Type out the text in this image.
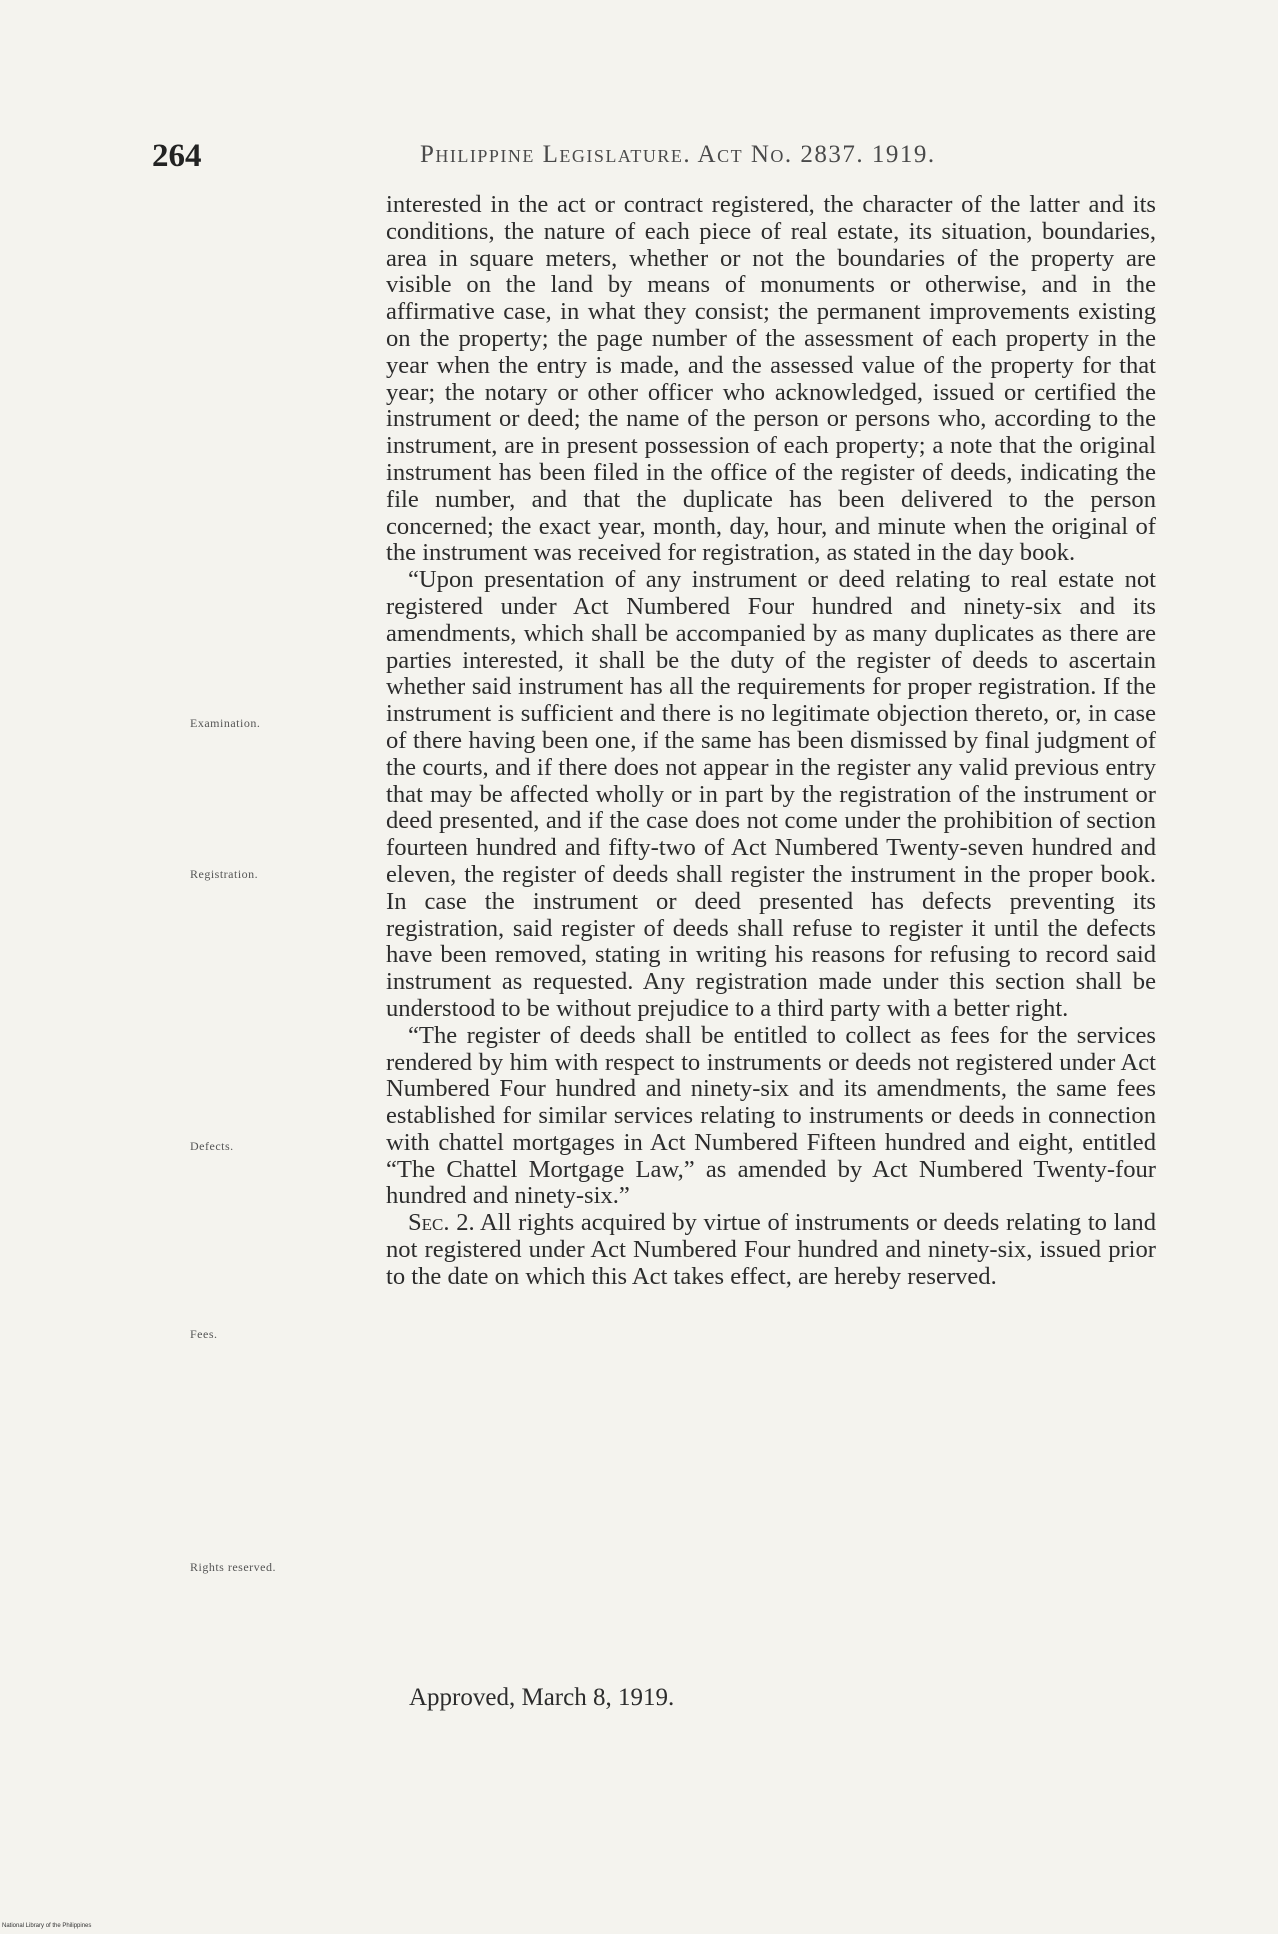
264	Philippine Legislature. Act No. 2837. 1919.

interested in the act or contract registered, the character of the latter and its conditions, the nature of each piece of real estate, its situation, boundaries, area in square meters, whether or not the boundaries of the property are visible on the land by means of monuments or otherwise, and in the affirmative case, in what they consist; the permanent improvements existing on the property; the page number of the assessment of each property in the year when the entry is made, and the assessed value of the property for that year; the notary or other officer who acknowledged, issued or certified the instrument or deed; the name of the person or persons who, according to the instrument, are in present possession of each property; a note that the original instrument has been filed in the office of the register of deeds, indicating the file number, and that the duplicate has been delivered to the person concerned; the exact year, month, day, hour, and minute when the original of the instrument was received for registration, as stated in the day book.

“Upon presentation of any instrument or deed relating to real estate not registered under Act Numbered Four hundred and ninety-six and its amendments, which shall be accompanied by as many duplicates as there are parties interested, it shall be the duty of the register of deeds to ascertain whether said instrument has all the requirements for proper registration. If the instrument is sufficient and there is no legitimate objection thereto, or, in case of there having been one, if the same has been dismissed by final judgment of the courts, and if there does not appear in the register any valid previous entry that may be affected wholly or in part by the registration of the instrument or deed presented, and if the case does not come under the prohibition of section fourteen hundred and fifty-two of Act Numbered Twenty-seven hundred and eleven, the register of deeds shall register the instrument in the proper book. In case the instrument or deed presented has defects preventing its registration, said register of deeds shall refuse to register it until the defects have been removed, stating in writing his reasons for refusing to record said instrument as requested. Any registration made under this section shall be understood to be without prejudice to a third party with a better right.

“The register of deeds shall be entitled to collect as fees for the services rendered by him with respect to instruments or deeds not registered under Act Numbered Four hundred and ninety-six and its amendments, the same fees established for similar services relating to instruments or deeds in connection with chattel mortgages in Act Numbered Fifteen hundred and eight, entitled “The Chattel Mortgage Law,” as amended by Act Numbered Twenty-four hundred and ninety-six.”

Sec. 2. All rights acquired by virtue of instruments or deeds relating to land not registered under Act Numbered Four hundred and ninety-six, issued prior to the date on which this Act takes effect, are hereby reserved.

Approved, March 8, 1919.
Examination.
Registration.
Defects.
Fees.
Rights reserved.
National Library of the Philippines
